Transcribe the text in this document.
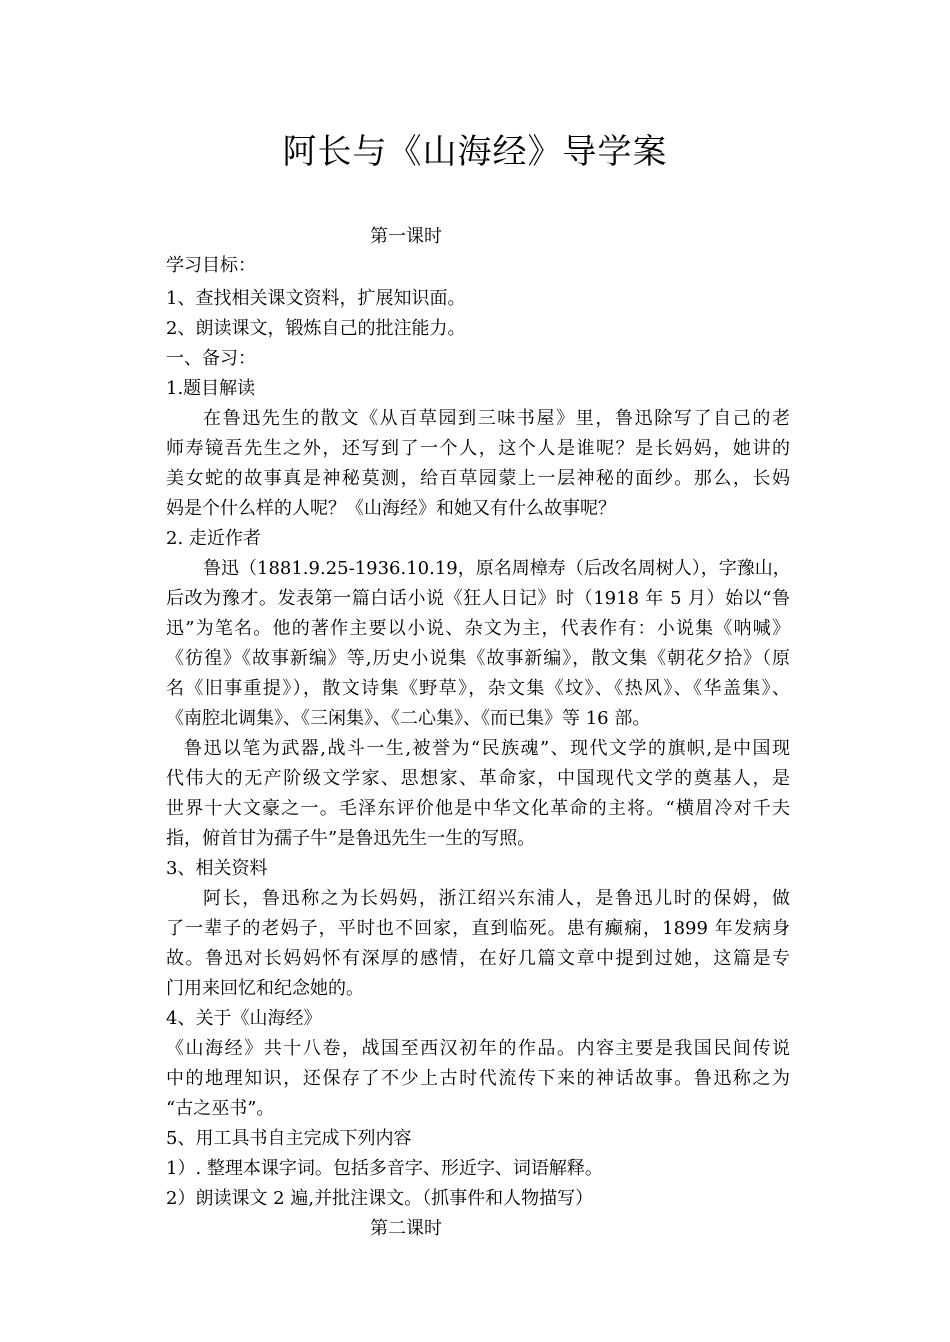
阿长与《山海经》导学案
第一课时
学习目标：
1、查找相关课文资料，扩展知识面。
2、朗读课文，锻炼自己的批注能力。
一、备习：
1.题目解读
在鲁迅先生的散文《从百草园到三味书屋》里，鲁迅除写了自己的老
师寿镜吾先生之外，还写到了一个人，这个人是谁呢？是长妈妈，她讲的
美女蛇的故事真是神秘莫测，给百草园蒙上一层神秘的面纱。那么，长妈
妈是个什么样的人呢？《山海经》和她又有什么故事呢？
2. 走近作者
鲁迅（1881.9.25-1936.10.19，原名周樟寿（后改名周树人），字豫山，
后改为豫才。发表第一篇白话小说《狂人日记》时（1918 年 5 月）始以“鲁
迅”为笔名。他的著作主要以小说、杂文为主，代表作有：小说集《呐喊》
《彷徨》《故事新编》等,历史小说集《故事新编》，散文集《朝花夕拾》（原
名《旧事重提》），散文诗集《野草》，杂文集《坟》、《热风》、《华盖集》、
《南腔北调集》、《三闲集》、《二心集》、《而已集》等 16 部。
鲁迅以笔为武器,战斗一生,被誉为“民族魂”、现代文学的旗帜,是中国现
代伟大的无产阶级文学家、思想家、革命家，中国现代文学的奠基人，是
世界十大文豪之一。毛泽东评价他是中华文化革命的主将。“横眉冷对千夫
指，俯首甘为孺子牛”是鲁迅先生一生的写照。
3、相关资料
阿长，鲁迅称之为长妈妈，浙江绍兴东浦人，是鲁迅儿时的保姆，做
了一辈子的老妈子，平时也不回家，直到临死。患有癫痫，1899 年发病身
故。鲁迅对长妈妈怀有深厚的感情，在好几篇文章中提到过她，这篇是专
门用来回忆和纪念她的。
4、关于《山海经》
《山海经》共十八卷，战国至西汉初年的作品。内容主要是我国民间传说
中的地理知识，还保存了不少上古时代流传下来的神话故事。鲁迅称之为
“古之巫书”。
5、用工具书自主完成下列内容
1）. 整理本课字词。包括多音字、形近字、词语解释。
2）朗读课文 2 遍,并批注课文。（抓事件和人物描写）
第二课时
